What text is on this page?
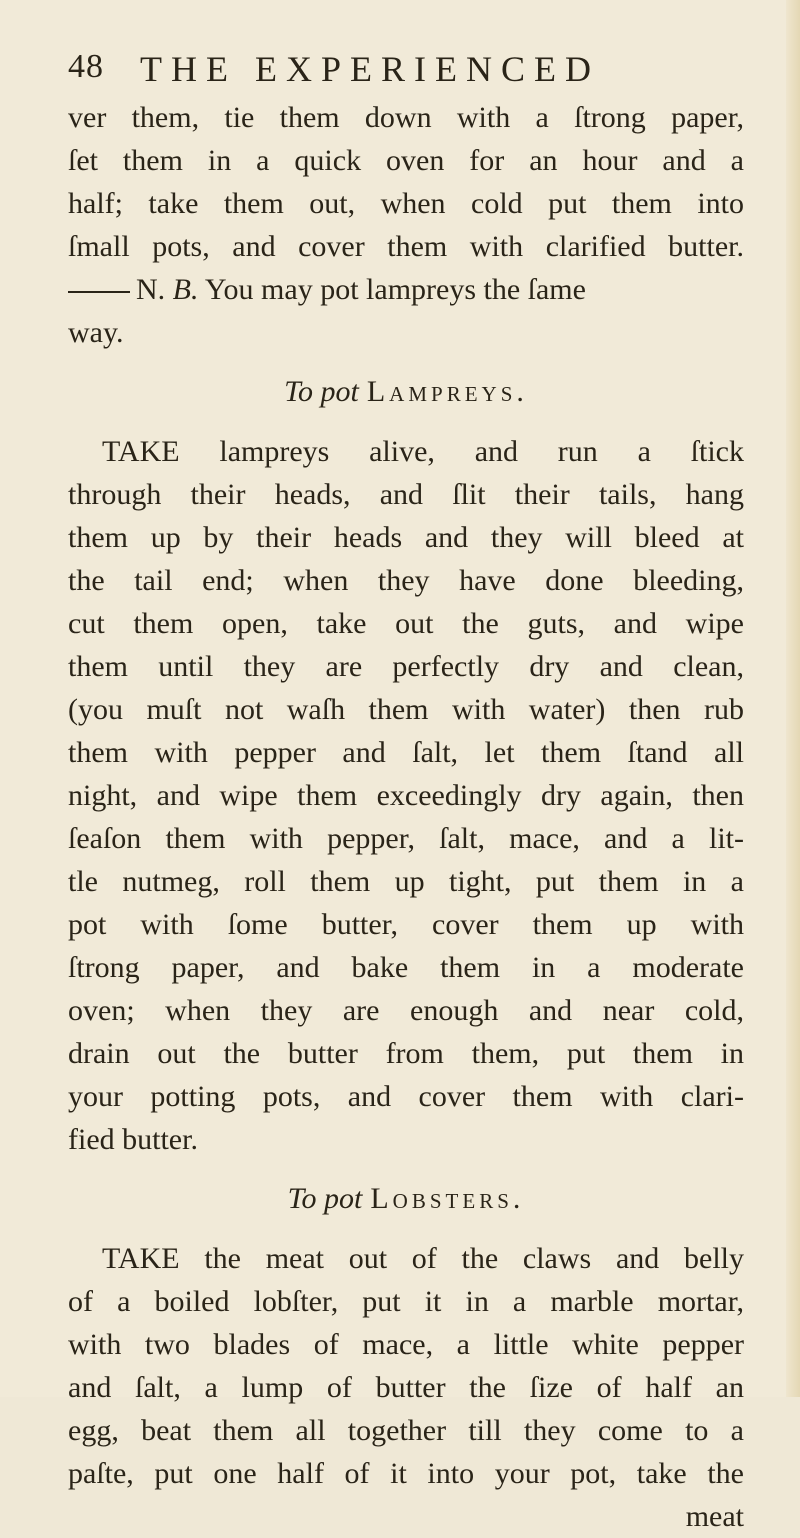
48 THE EXPERIENCED
ver them, tie them down with a ſtrong paper,
ſet them in a quick oven for an hour and a
half; take them out, when cold put them into
ſmall pots, and cover them with clarified butter.
N. B. You may pot lampreys the ſame
way.
To pot Lampreys.
TAKE lampreys alive, and run a ſtick
through their heads, and ſlit their tails, hang
them up by their heads and they will bleed at
the tail end; when they have done bleeding,
cut them open, take out the guts, and wipe
them until they are perfectly dry and clean,
(you muſt not waſh them with water) then rub
them with pepper and ſalt, let them ſtand all
night, and wipe them exceedingly dry again, then
ſeaſon them with pepper, ſalt, mace, and a lit-
tle nutmeg, roll them up tight, put them in a
pot with ſome butter, cover them up with
ſtrong paper, and bake them in a moderate
oven; when they are enough and near cold,
drain out the butter from them, put them in
your potting pots, and cover them with clari-
fied butter.
To pot Lobsters.
TAKE the meat out of the claws and belly
of a boiled lobſter, put it in a marble mortar,
with two blades of mace, a little white pepper
and ſalt, a lump of butter the ſize of half an
egg, beat them all together till they come to a
paſte, put one half of it into your pot, take the
meat
